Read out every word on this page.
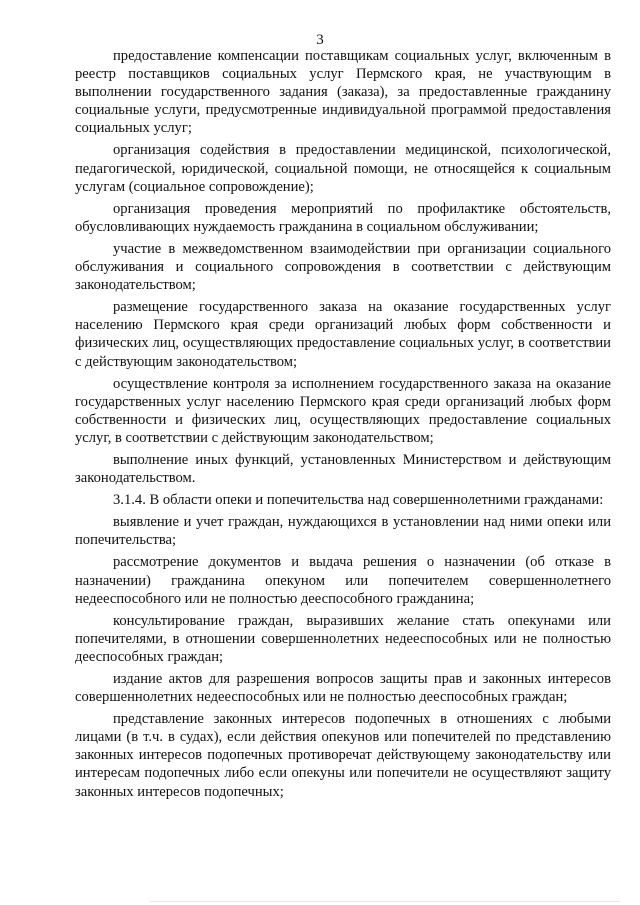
3

предоставление компенсации поставщикам социальных услуг, включенным в реестр поставщиков социальных услуг Пермского края, не участвующим в выполнении государственного задания (заказа), за предоставленные гражданину социальные услуги, предусмотренные индивидуальной программой предоставления социальных услуг;

организация содействия в предоставлении медицинской, психологической, педагогической, юридической, социальной помощи, не относящейся к социальным услугам (социальное сопровождение);

организация проведения мероприятий по профилактике обстоятельств, обусловливающих нуждаемость гражданина в социальном обслуживании;

участие в межведомственном взаимодействии при организации социального обслуживания и социального сопровождения в соответствии с действующим законодательством;

размещение государственного заказа на оказание государственных услуг населению Пермского края среди организаций любых форм собственности и физических лиц, осуществляющих предоставление социальных услуг, в соответствии с действующим законодательством;

осуществление контроля за исполнением государственного заказа на оказание государственных услуг населению Пермского края среди организаций любых форм собственности и физических лиц, осуществляющих предоставление социальных услуг, в соответствии с действующим законодательством;

выполнение иных функций, установленных Министерством и действующим законодательством.

3.1.4. В области опеки и попечительства над совершеннолетними гражданами:

выявление и учет граждан, нуждающихся в установлении над ними опеки или попечительства;

рассмотрение документов и выдача решения о назначении (об отказе в назначении) гражданина опекуном или попечителем совершеннолетнего недееспособного или не полностью дееспособного гражданина;

консультирование граждан, выразивших желание стать опекунами или попечителями, в отношении совершеннолетних недееспособных или не полностью дееспособных граждан;

издание актов для разрешения вопросов защиты прав и законных интересов совершеннолетних недееспособных или не полностью дееспособных граждан;

представление законных интересов подопечных в отношениях с любыми лицами (в т.ч. в судах), если действия опекунов или попечителей по представлению законных интересов подопечных противоречат действующему законодательству или интересам подопечных либо если опекуны или попечители не осуществляют защиту законных интересов подопечных;
